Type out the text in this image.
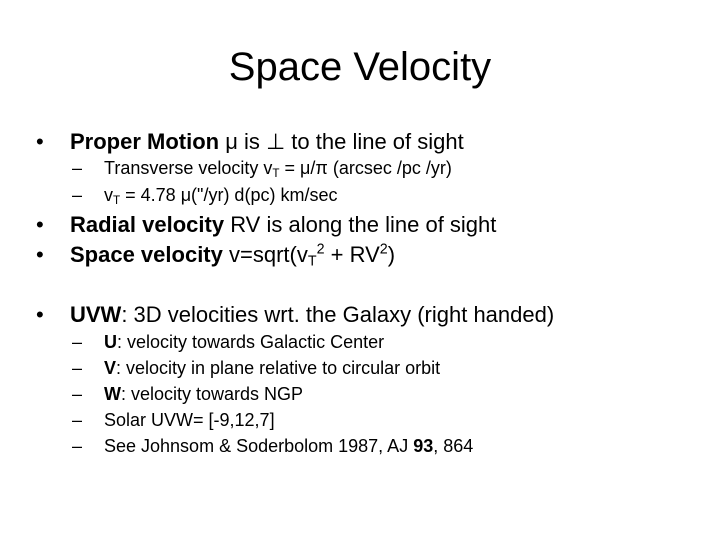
Space Velocity
• Proper Motion μ is ⊥ to the line of sight
– Transverse velocity $v_T = \mu/\pi$ (arcsec /pc /yr)
– $v_T = 4.78$ μ("/yr) d(pc) km/sec
• Radial velocity RV is along the line of sight
• Space velocity $v=sqrt(v_T^2 + RV^2)$
• UVW: 3D velocities wrt. the Galaxy (right handed)
– U: velocity towards Galactic Center
– V: velocity in plane relative to circular orbit
– W: velocity towards NGP
– Solar UVW= [-9,12,7]
– See Johnsom & Soderbolom 1987, AJ 93, 864
